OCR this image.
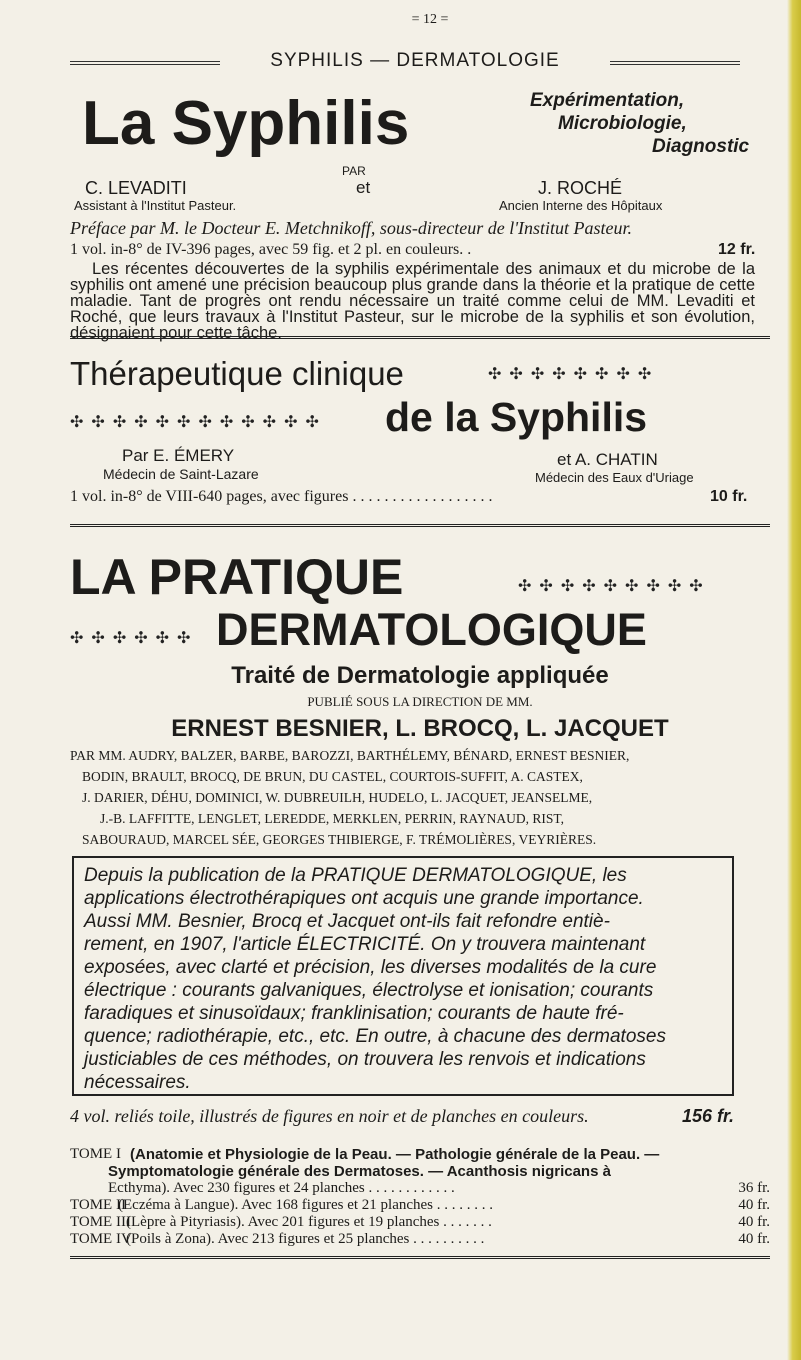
= 12 =
SYPHILIS — DERMATOLOGIE
La Syphilis	Expérimentation,
Microbiologie,
Diagnostic
PAR
et
C. LEVADITI
Assistant à l'Institut Pasteur.
J. ROCHÉ
Ancien Interne des Hôpitaux
Préface par M. le Docteur E. Metchnikoff, sous-directeur de l'Institut Pasteur.
1 vol. in-8° de IV-396 pages, avec 59 fig. et 2 pl. en couleurs. .	12 fr.
Les récentes découvertes de la syphilis expérimentale des animaux et du microbe de la syphilis ont amené une précision beaucoup plus grande dans la théorie et la pratique de cette maladie. Tant de progrès ont rendu nécessaire un traité comme celui de MM. Levaditi et Roché, que leurs travaux à l'Institut Pasteur, sur le microbe de la syphilis et son évolution, désignaient pour cette tâche.
Thérapeutique clinique	✣ ✣ ✣ ✣ ✣ ✣ ✣ ✣
✣ ✣ ✣ ✣ ✣ ✣ ✣ ✣ ✣ ✣ ✣ ✣ de la Syphilis
Par E. ÉMERY
Médecin de Saint-Lazare
et A. CHATIN
Médecin des Eaux d'Uriage
1 vol. in-8° de VIII-640 pages, avec figures . . . . . . . . . . . . . . . . . .	10 fr.
LA PRATIQUE	✣ ✣ ✣ ✣ ✣ ✣ ✣ ✣ ✣
✣ ✣ ✣ ✣ ✣ ✣ DERMATOLOGIQUE
Traité de Dermatologie appliquée
PUBLIÉ SOUS LA DIRECTION DE MM.
ERNEST BESNIER, L. BROCQ, L. JACQUET
PAR MM. AUDRY, BALZER, BARBE, BAROZZI, BARTHÉLEMY, BÉNARD, ERNEST BESNIER,
BODIN, BRAULT, BROCQ, DE BRUN, DU CASTEL, COURTOIS-SUFFIT, A. CASTEX,
J. DARIER, DÉHU, DOMINICI, W. DUBREUILH, HUDELO, L. JACQUET, JEANSELME,
J.-B. LAFFITTE, LENGLET, LEREDDE, MERKLEN, PERRIN, RAYNAUD, RIST,
SABOURAUD, MARCEL SÉE, GEORGES THIBIERGE, F. TRÉMOLIÈRES, VEYRIÈRES.
Depuis la publication de la PRATIQUE DERMATOLOGIQUE, les
applications électrothérapiques ont acquis une grande importance.
Aussi MM. Besnier, Brocq et Jacquet ont-ils fait refondre entiè-
rement, en 1907, l'article ÉLECTRICITÉ. On y trouvera maintenant
exposées, avec clarté et précision, les diverses modalités de la cure
électrique : courants galvaniques, électrolyse et ionisation; courants
faradiques et sinusoïdaux; franklinisation; courants de haute fré-
quence; radiothérapie, etc., etc. En outre, à chacune des dermatoses
justiciables de ces méthodes, on trouvera les renvois et indications
nécessaires.
4 vol. reliés toile, illustrés de figures en noir et de planches en couleurs.	156 fr.
TOME I (Anatomie et Physiologie de la Peau. — Pathologie générale de la Peau. —
Symptomatologie générale des Dermatoses. — Acanthosis nigricans à
Ecthyma). Avec 230 figures et 24 planches . . . . . . . . . . . .	36 fr.
TOME II
(Eczéma à Langue). Avec 168 figures et 21 planches . . . . . . . .	40 fr.
TOME III
(Lèpre à Pityriasis). Avec 201 figures et 19 planches . . . . . . .	40 fr.
TOME IV
(Poils à Zona). Avec 213 figures et 25 planches . . . . . . . . . .	40 fr.
